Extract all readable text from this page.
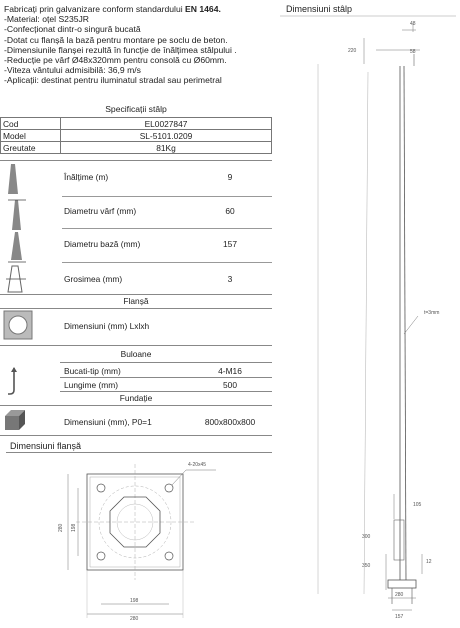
Fabricați prin galvanizare conform standardului EN 1464.
-Material: oțel S235JR
-Confecționat dintr-o singură bucată
-Dotat cu flanșă la bază pentru montare pe soclu de beton.
-Dimensiunile flanșei rezultă în funcție de înălțimea stâlpului .
-Reducție pe vârf Ø48x320mm pentru consolă cu Ø60mm.
-Viteza vântului admisibilă: 36,9 m/s
-Aplicații: destinat pentru iluminatul stradal sau perimetral
Dimensiuni stâlp
Specificații stâlp
Cod	EL0027847
Model	SL-5101.0209
Greutate	81Kg
Înălțime (m)	9
Diametru vârf (mm)	60
Diametru bază (mm)	157
Grosimea (mm)	3
Flanșă
Dimensiuni (mm) Lxlxh
Buloane
Bucati-tip (mm)	4-M16
Lungime (mm)	500
Fundație
Dimensiuni (mm), P0=1	800x800x800
Dimensiuni flanșă
4-20x45
280 198
198
280
48
220	58
t=3mm
105
300
12
350
280
157
